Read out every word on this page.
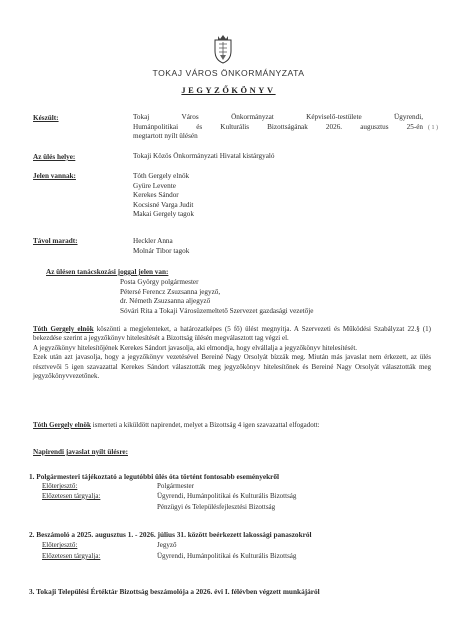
TOKAJ VÁROS ÖNKORMÁNYZATA
JEGYZŐKÖNYV
Készült:	Tokaj Város Önkormányzat Képviselő-testülete Ügyrendi,
Humánpolitikai és Kulturális Bizottságának 2026. augusztus 25-én
megtartott nyílt ülésén
( 1 )
Az ülés helye:	Tokaji Közös Önkormányzati Hivatal kistárgyaló
Jelen vannak:	Tóth Gergely elnök
Gyüre Levente
Kerekes Sándor
Kocsisné Varga Judit
Makai Gergely tagok
Távol maradt:	Heckler Anna
Molnár Tibor tagok
Az ülésen tanácskozási joggal jelen van:
Posta György polgármester
Pétersé Ferencz Zsuzsanna jegyző,
dr. Németh Zsuzsanna aljegyző
Sóvári Rita a Tokaji Városüzemeltető Szervezet gazdasági vezetője

Tóth Gergely elnök köszönti a megjelenteket, a határozatképes (5 fő) ülést megnyitja. A Szervezeti és Működési Szabályzat 22.§ (1) bekezdése szerint a jegyzőkönyv hitelesítését a Bizottság ülésén megválasztott tag végzi el.

A jegyzőkönyv hitelesítőjének Kerekes Sándort javasolja, aki elmondja, hogy elvállalja a jegyzőkönyv hitelesítését.

Ezek után azt javasolja, hogy a jegyzőkönyv vezetésével Bereiné Nagy Orsolyát bízzák meg. Miután más javaslat nem érkezett, az ülés résztvevői 5 igen szavazattal Kerekes Sándort választották meg jegyzőkönyv hitelesítőnek és Bereiné Nagy Orsolyát választották meg jegyzőkönyvvezetőnek.

Tóth Gergely elnök ismerteti a kiküldött napirendet, melyet a Bizottság 4 igen szavazattal elfogadott:

Napirendi javaslat nyílt ülésre:
1. Polgármesteri tájékoztató a legutóbbi ülés óta történt fontosabb eseményekről
Előterjesztő:	Polgármester
Előzetesen tárgyalja:	Ügyrendi, Humánpolitikai és Kulturális Bizottság
Pénzügyi és Településfejlesztési Bizottság
2. Beszámoló a 2025. augusztus 1. - 2026. július 31. között beérkezett lakossági panaszokról
Előterjesztő:	Jegyző
Előzetesen tárgyalja:	Ügyrendi, Humánpolitikai és Kulturális Bizottság
3. Tokaji Települési Értéktár Bizottság beszámolója a 2026. évi I. félévben végzett munkájáról
